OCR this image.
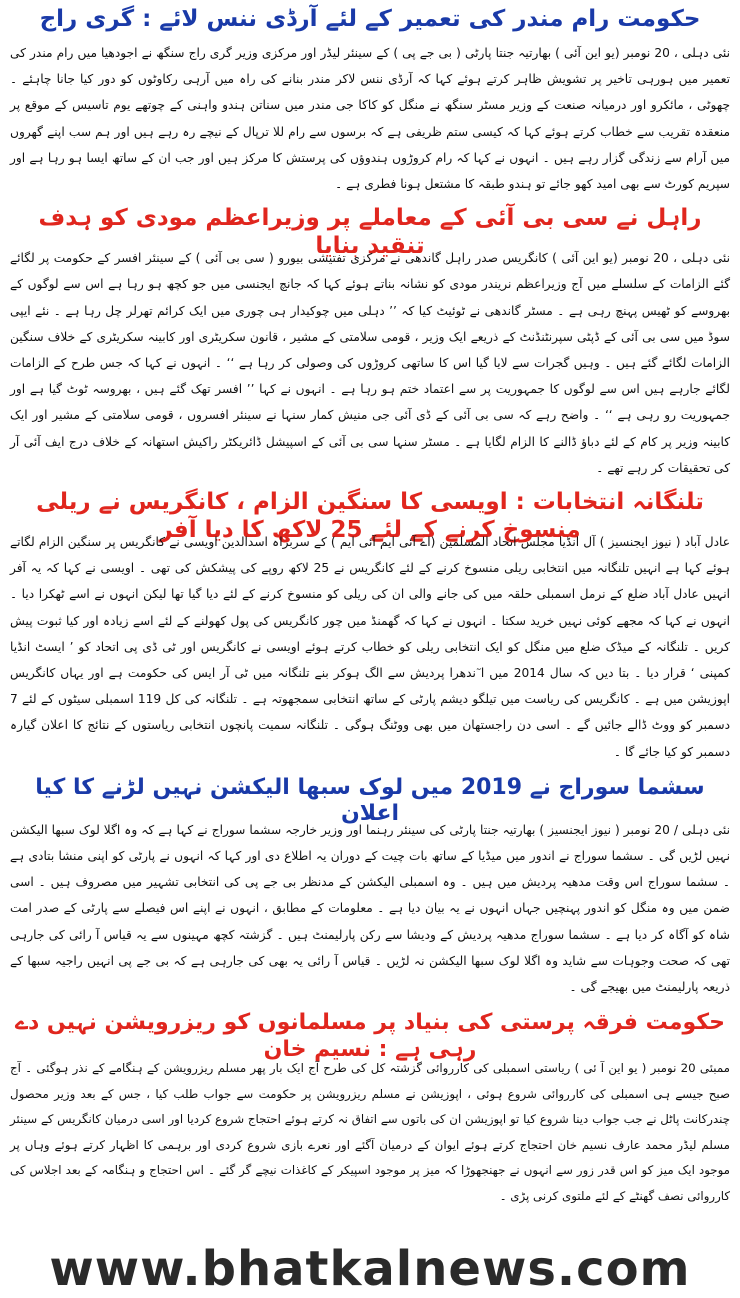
حکومت رام مندر کی تعمیر کے لئے آرڈی ننس لائے : گری راج

نئی دہلی ، 20 نومبر (یو این آئی ) بھارتیہ جنتا پارٹی ( بی جے پی ) کے سینئر لیڈر اور مرکزی وزیر گری راج سنگھ نے اجودھیا میں رام مندر کی تعمیر میں ہورہی تاخیر پر تشویش ظاہر کرتے ہوئے کہا کہ آرڈی ننس لاکر مندر بنانے کی راہ میں آرہی رکاوٹوں کو دور کیا جانا چاہئے ۔ چھوٹی ، مائکرو اور درمیانہ صنعت کے وزیر مسٹر سنگھ نے منگل کو کاکا جی مندر میں سناتن ہندو واہنی کے چوتھے یوم تاسیس کے موقع پر منعقدہ تقریب سے خطاب کرتے ہوئے کہا کہ کیسی ستم ظریفی ہے کہ برسوں سے رام للا ترپال کے نیچے رہ رہے ہیں اور ہم سب اپنے گھروں میں آرام سے زندگی گزار رہے ہیں ۔ انہوں نے کہا کہ رام کروڑوں ہندوؤں کی پرستش کا مرکز ہیں اور جب ان کے ساتھ ایسا ہو رہا ہے اور سپریم کورٹ سے بھی امید کھو جائے تو ہندو طبقہ کا مشتعل ہونا فطری ہے ۔

راہل نے سی بی آئی کے معاملے پر وزیراعظم مودی کو ہدف تنقید بنایا

نئی دہلی ، 20 نومبر (یو این آئی ) کانگریس صدر راہل گاندھی نے مرکزی تفتیشی بیورو ( سی بی آئی ) کے سینئر افسر کے حکومت پر لگائے گئے الزامات کے سلسلے میں آج وزیراعظم نریندر مودی کو نشانہ بناتے ہوئے کہا کہ جانچ ایجنسی میں جو کچھ ہو رہا ہے اس سے لوگوں کے بھروسے کو ٹھیس پہنچ رہی ہے ۔ مسٹر گاندھی نے ٹوئیٹ کیا کہ ’’ دہلی میں چوکیدار ہی چوری میں ایک کرائم تھرلر چل رہا ہے ۔ نئے ایپی سوڈ میں سی بی آئی کے ڈپٹی سپرنٹنڈنٹ کے ذریعے ایک وزیر ، قومی سلامتی کے مشیر ، قانون سکریٹری اور کابینہ سکریٹری کے خلاف سنگین الزامات لگائے گئے ہیں ۔ وہیں گجرات سے لایا گیا اس کا ساتھی کروڑوں کی وصولی کر رہا ہے ‘‘ ۔ انہوں نے کہا کہ جس طرح کے الزامات لگائے جارہے ہیں اس سے لوگوں کا جمہوریت پر سے اعتماد ختم ہو رہا ہے ۔ انہوں نے کہا ’’ افسر تھک گئے ہیں ، بھروسہ ٹوٹ گیا ہے اور جمہوریت رو رہی ہے ‘‘ ۔ واضح رہے کہ سی بی آئی کے ڈی آئی جی منیش کمار سنہا نے سینئر افسروں ، قومی سلامتی کے مشیر اور ایک کابینہ وزیر پر کام کے لئے دباؤ ڈالنے کا الزام لگایا ہے ۔ مسٹر سنہا سی بی آئی کے اسپیشل ڈائریکٹر راکیش استھانہ کے خلاف درج ایف آئی آر کی تحقیقات کر رہے تھے ۔

تلنگانہ انتخابات : اویسی کا سنگین الزام ، کانگریس نے ریلی منسوخ کرنے کے لئے 25 لاکھ کا دیا آفر

عادل آباد ( نیوز ایجنسیز ) آل انڈیا مجلس اتحاد المسلمین (اے آئی ایم آئی ایم ) کے سربراہ اسدالدین اویسی نے کانگریس پر سنگین الزام لگاتے ہوئے کہا ہے انہیں تلنگانہ میں انتخابی ریلی منسوخ کرنے کے لئے کانگریس نے 25 لاکھ روپے کی پیشکش کی تھی ۔ اویسی نے کہا کہ یہ آفر انہیں عادل آباد ضلع کے نرمل اسمبلی حلقہ میں کی جانے والی ان کی ریلی کو منسوخ کرنے کے لئے دیا گیا تھا لیکن انہوں نے اسے ٹھکرا دیا ۔ انہوں نے کہا کہ مجھے کوئی نہیں خرید سکتا ۔ انہوں نے کہا کہ گھمنڈ میں چور کانگریس کی پول کھولنے کے لئے اسے زیادہ اور کیا ثبوت پیش کریں ۔ تلنگانہ کے میڈک ضلع میں منگل کو ایک انتخابی ریلی کو خطاب کرتے ہوئے اویسی نے کانگریس اور ٹی ڈی پی اتحاد کو ’ ایسٹ انڈیا کمپنی ‘ قرار دیا ۔ بتا دیں کہ سال 2014 میں ا ٓندھرا پردیش سے الگ ہوکر بنے تلنگانہ میں ٹی آر ایس کی حکومت ہے اور یہاں کانگریس اپوزیشن میں ہے ۔ کانگریس کی ریاست میں تیلگو دیشم پارٹی کے ساتھ انتخابی سمجھوتہ ہے ۔ تلنگانہ کی کل 119 اسمبلی سیٹوں کے لئے 7 دسمبر کو ووٹ ڈالے جائیں گے ۔ اسی دن راجستھان میں بھی ووٹنگ ہوگی ۔ تلنگانہ سمیت پانچوں انتخابی ریاستوں کے نتائج کا اعلان گیارہ دسمبر کو کیا جائے گا ۔

سشما سوراج نے 2019 میں لوک سبھا الیکشن نہیں لڑنے کا کیا اعلان

نئی دہلی / 20 نومبر ( نیوز ایجنسیز ) بھارتیہ جنتا پارٹی کی سینئر رہنما اور وزیر خارجہ سشما سوراج نے کہا ہے کہ وہ اگلا لوک سبھا الیکشن نہیں لڑیں گی ۔ سشما سوراج نے اندور میں میڈیا کے ساتھ بات چیت کے دوران یہ اطلاع دی اور کہا کہ انہوں نے پارٹی کو اپنی منشا بتادی ہے ۔ سشما سوراج اس وقت مدھیہ پردیش میں ہیں ۔ وہ اسمبلی الیکشن کے مدنظر بی جے پی کی انتخابی تشہیر میں مصروف ہیں ۔ اسی ضمن میں وہ منگل کو اندور پہنچیں جہاں انہوں نے یہ بیان دیا ہے ۔ معلومات کے مطابق ، انہوں نے اپنے اس فیصلے سے پارٹی کے صدر امت شاہ کو آگاہ کر دیا ہے ۔ سشما سوراج مدھیہ پردیش کے ودیشا سے رکن پارلیمنٹ ہیں ۔ گزشتہ کچھ مہینوں سے یہ قیاس آ رائی کی جارہی تھی کہ صحت وجوہات سے شاید وہ اگلا لوک سبھا الیکشن نہ لڑیں ۔ قیاس آ رائی یہ بھی کی جارہی ہے کہ بی جے پی انہیں راجیہ سبھا کے ذریعہ پارلیمنٹ میں بھیجے گی ۔

حکومت فرقہ پرستی کی بنیاد پر مسلمانوں کو ریزرویشن نہیں دے رہی ہے : نسیم خان

ممبئی 20 نومبر ( یو این آ ئی ) ریاستی اسمبلی کی کارروائی گزشتہ کل کی طرح آج ایک بار پھر مسلم ریزرویشن کے ہنگامے کے نذر ہوگئی ۔ آج صبح جیسے ہی اسمبلی کی کارروائی شروع ہوئی ، اپوزیشن نے مسلم ریزرویشن پر حکومت سے جواب طلب کیا ، جس کے بعد وزیر محصول چندرکانت پاٹل نے جب جواب دینا شروع کیا تو اپوزیشن ان کی باتوں سے اتفاق نہ کرتے ہوئے احتجاج شروع کردیا اور اسی درمیان کانگریس کے سینئر مسلم لیڈر محمد عارف نسیم خان احتجاج کرتے ہوئے ایوان کے درمیان آگئے اور نعرے بازی شروع کردی اور برہمی کا اظہار کرتے ہوئے وہاں پر موجود ایک میز کو اس قدر زور سے انہوں نے جھنجھوڑا کہ میز پر موجود اسپیکر کے کاغذات نیچے گر گئے ۔ اس احتجاج و ہنگامہ کے بعد اجلاس کی کارروائی نصف گھنٹے کے لئے ملتوی کرنی پڑی ۔

www.bhatkalnews.com
